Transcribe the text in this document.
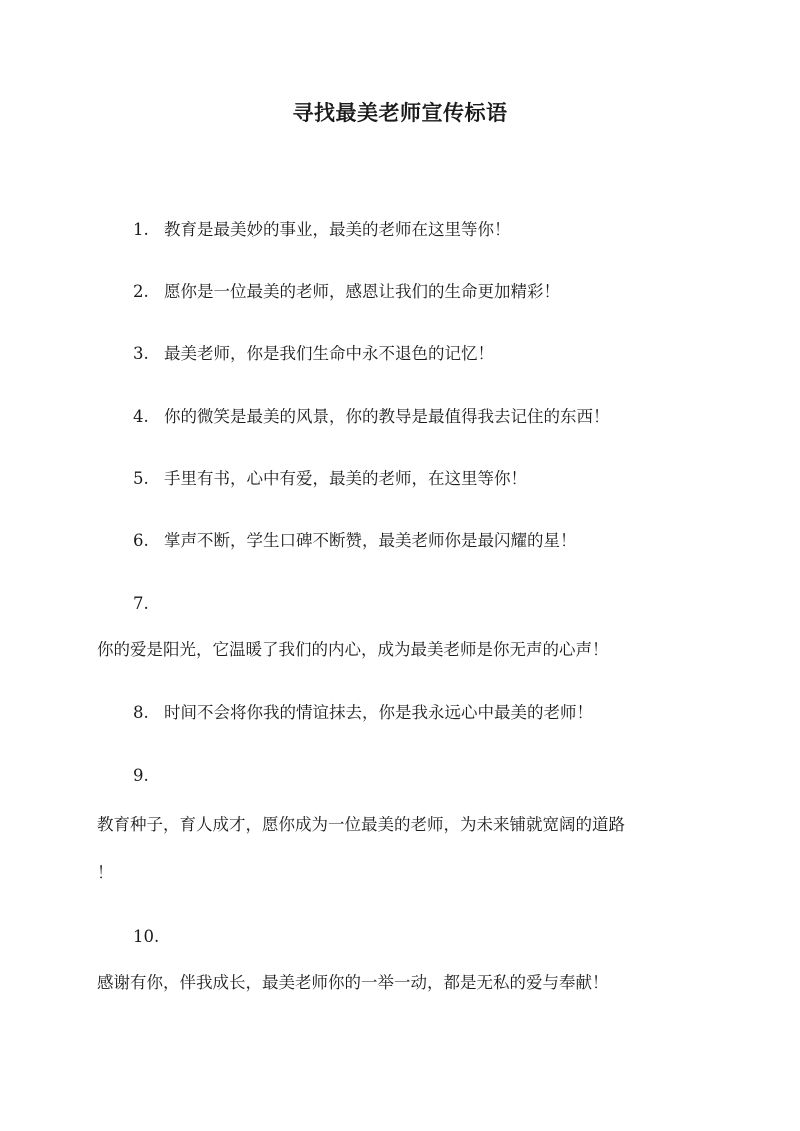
寻找最美老师宣传标语
1. 教育是最美妙的事业，最美的老师在这里等你！
2. 愿你是一位最美的老师，感恩让我们的生命更加精彩！
3. 最美老师，你是我们生命中永不退色的记忆！
4. 你的微笑是最美的风景，你的教导是最值得我去记住的东西！
5. 手里有书，心中有爱，最美的老师，在这里等你！
6. 掌声不断，学生口碑不断赞，最美老师你是最闪耀的星！
7.
你的爱是阳光，它温暖了我们的内心，成为最美老师是你无声的心声！
8. 时间不会将你我的情谊抹去，你是我永远心中最美的老师！
9.
教育种子，育人成才，愿你成为一位最美的老师，为未来铺就宽阔的道路
！
10.
感谢有你，伴我成长，最美老师你的一举一动，都是无私的爱与奉献！
